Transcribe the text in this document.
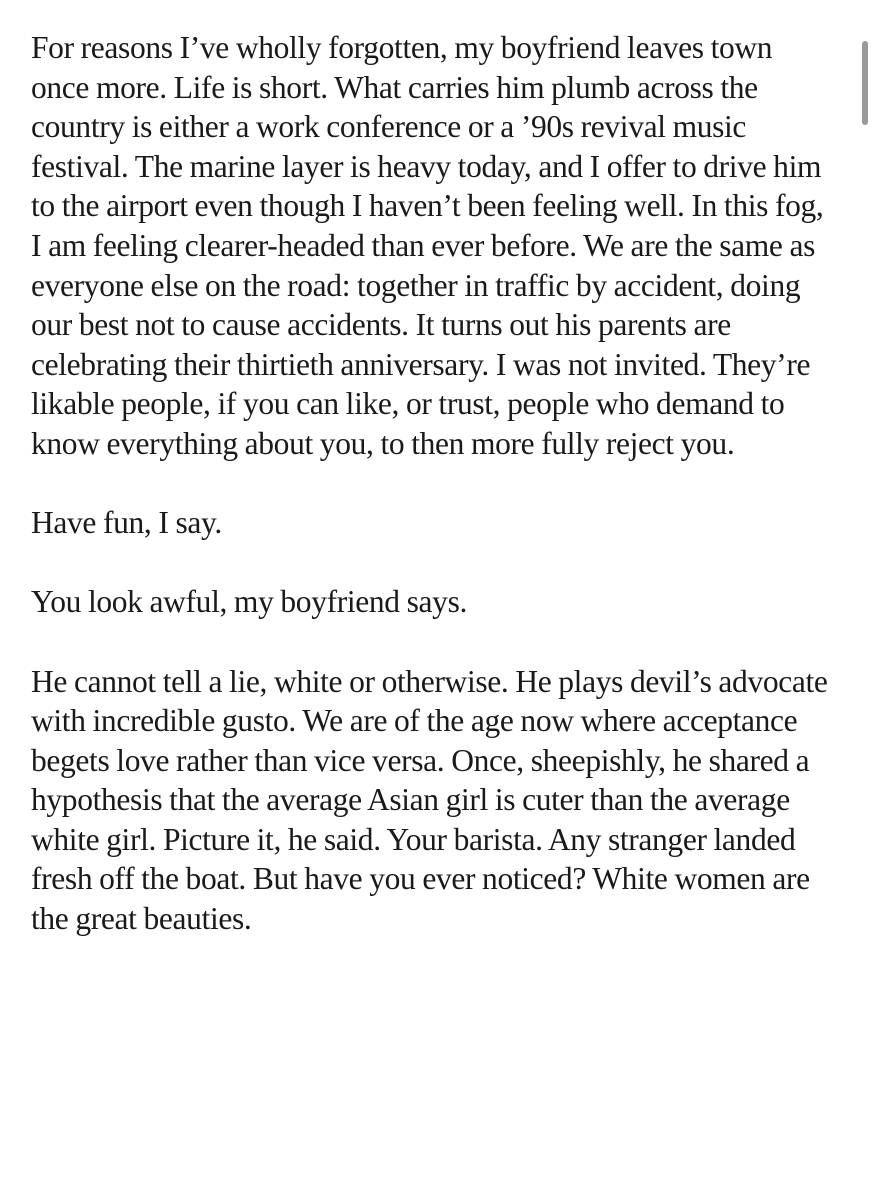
For reasons I’ve wholly forgotten, my boyfriend leaves town once more. Life is short. What carries him plumb across the country is either a work conference or a ’90s revival music festival. The marine layer is heavy today, and I offer to drive him to the airport even though I haven’t been feeling well. In this fog, I am feeling clearer-headed than ever before. We are the same as everyone else on the road: together in traffic by accident, doing our best not to cause accidents. It turns out his parents are celebrating their thirtieth anniversary. I was not invited. They’re likable people, if you can like, or trust, people who demand to know everything about you, to then more fully reject you.

Have fun, I say.

You look awful, my boyfriend says.

He cannot tell a lie, white or otherwise. He plays devil’s advocate with incredible gusto. We are of the age now where acceptance begets love rather than vice versa. Once, sheepishly, he shared a hypothesis that the average Asian girl is cuter than the average white girl. Picture it, he said. Your barista. Any stranger landed fresh off the boat. But have you ever noticed? White women are the great beauties.
